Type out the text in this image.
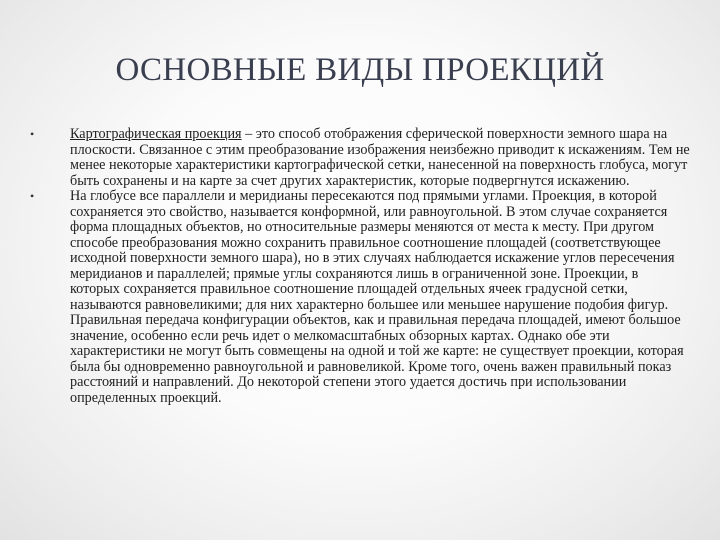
ОСНОВНЫЕ ВИДЫ ПРОЕКЦИЙ
•	Картографическая проекция – это способ отображения сферической поверхности земного шара на плоскости. Связанное с этим преобразование изображения неизбежно приводит к искажениям. Тем не менее некоторые характеристики картографической сетки, нанесенной на поверхность глобуса, могут быть сохранены и на карте за счет других характеристик, которые подвергнутся искажению.
•	На глобусе все параллели и меридианы пересекаются под прямыми углами. Проекция, в которой сохраняется это свойство, называется конформной, или равноугольной. В этом случае сохраняется форма площадных объектов, но относительные размеры меняются от места к месту. При другом способе преобразования можно сохранить правильное соотношение площадей (соответствующее исходной поверхности земного шара), но в этих случаях наблюдается искажение углов пересечения меридианов и параллелей; прямые углы сохраняются лишь в ограниченной зоне. Проекции, в которых сохраняется правильное соотношение площадей отдельных ячеек градусной сетки, называются равновеликими; для них характерно большее или меньшее нарушение подобия фигур. Правильная передача конфигурации объектов, как и правильная передача площадей, имеют большое значение, особенно если речь идет о мелкомасштабных обзорных картах. Однако обе эти характеристики не могут быть совмещены на одной и той же карте: не существует проекции, которая была бы одновременно равноугольной и равновеликой. Кроме того, очень важен правильный показ расстояний и направлений. До некоторой степени этого удается достичь при использовании определенных проекций.
